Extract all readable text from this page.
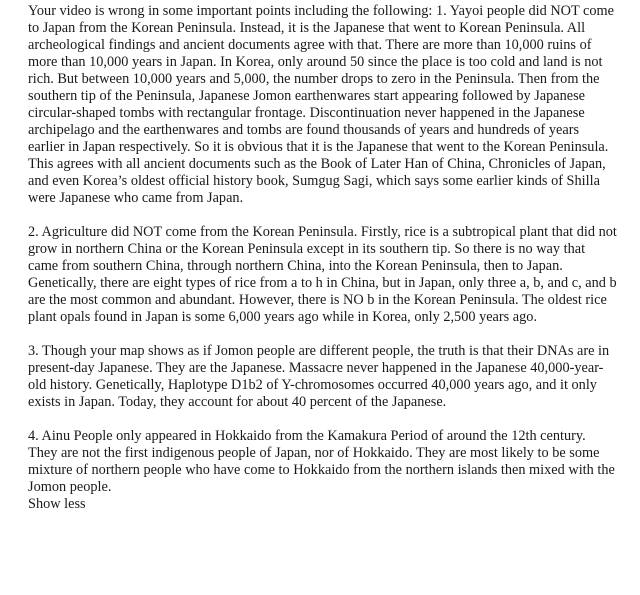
Your video is wrong in some important points including the following: 1. Yayoi people did NOT come to Japan from the Korean Peninsula. Instead, it is the Japanese that went to Korean Peninsula. All archeological findings and ancient documents agree with that. There are more than 10,000 ruins of more than 10,000 years in Japan. In Korea, only around 50 since the place is too cold and land is not rich. But between 10,000 years and 5,000, the number drops to zero in the Peninsula. Then from the southern tip of the Peninsula, Japanese Jomon earthenwares start appearing followed by Japanese circular-shaped tombs with rectangular frontage. Discontinuation never happened in the Japanese archipelago and the earthenwares and tombs are found thousands of years and hundreds of years earlier in Japan respectively. So it is obvious that it is the Japanese that went to the Korean Peninsula. This agrees with all ancient documents such as the Book of Later Han of China, Chronicles of Japan, and even Korea’s oldest official history book, Sumgug Sagi, which says some earlier kinds of Shilla were Japanese who came from Japan.

2. Agriculture did NOT come from the Korean Peninsula. Firstly, rice is a subtropical plant that did not grow in northern China or the Korean Peninsula except in its southern tip. So there is no way that came from southern China, through northern China, into the Korean Peninsula, then to Japan. Genetically, there are eight types of rice from a to h in China, but in Japan, only three a, b, and c, and b are the most common and abundant. However, there is NO b in the Korean Peninsula. The oldest rice plant opals found in Japan is some 6,000 years ago while in Korea, only 2,500 years ago.

3. Though your map shows as if Jomon people are different people, the truth is that their DNAs are in present-day Japanese. They are the Japanese. Massacre never happened in the Japanese 40,000-year-old history. Genetically, Haplotype D1b2 of Y-chromosomes occurred 40,000 years ago, and it only exists in Japan. Today, they account for about 40 percent of the Japanese.

4. Ainu People only appeared in Hokkaido from the Kamakura Period of around the 12th century. They are not the first indigenous people of Japan, nor of Hokkaido. They are most likely to be some mixture of northern people who have come to Hokkaido from the northern islands then mixed with the Jomon people.

Show less
